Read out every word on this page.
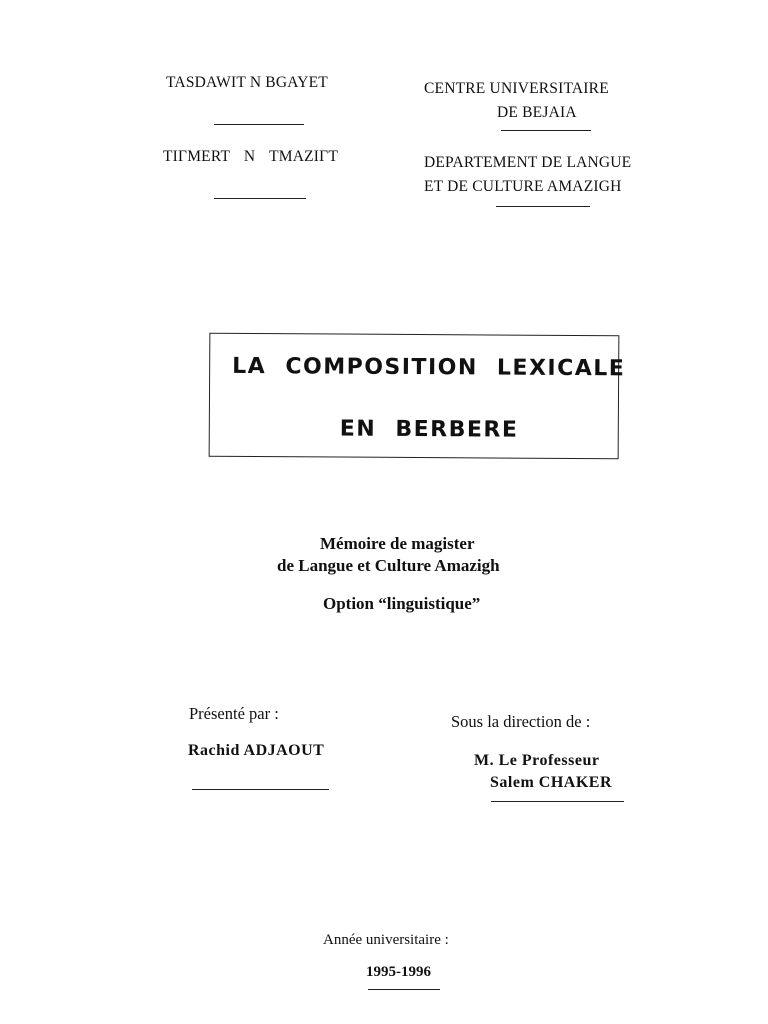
TASDAWIT N BGAYET
TIΓMERT N TMAZIΓT
CENTRE UNIVERSITAIRE
DE BEJAIA
DEPARTEMENT DE LANGUE
ET DE CULTURE AMAZIGH
LA COMPOSITION LEXICALE
EN BERBERE
Mémoire de magister
de Langue et Culture Amazigh
Option “linguistique”
Présenté par :
Rachid ADJAOUT
Sous la direction de :
M. Le Professeur
Salem CHAKER
Année universitaire :
1995-1996
